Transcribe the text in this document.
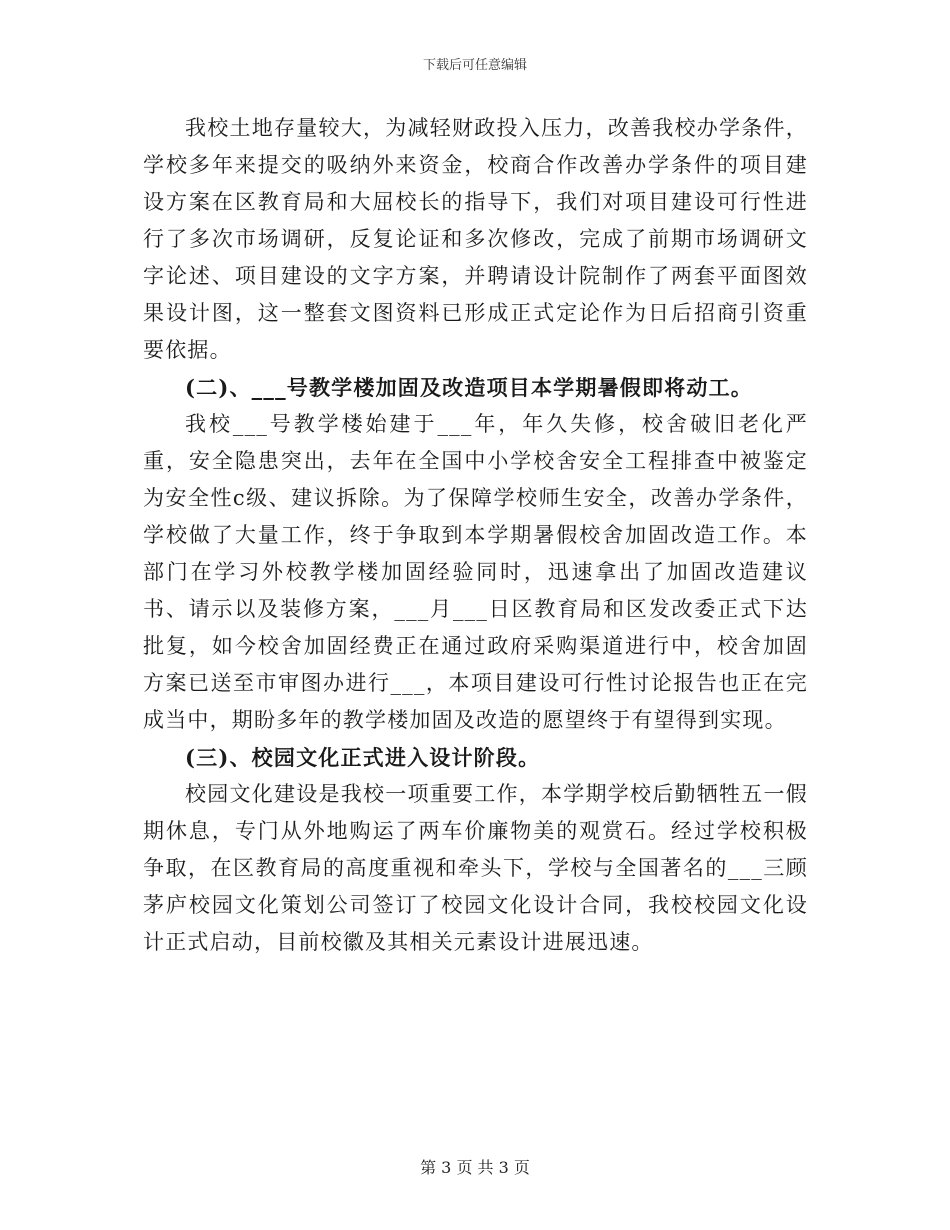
下载后可任意编辑

我校土地存量较大，为减轻财政投入压力，改善我校办学条件，学校多年来提交的吸纳外来资金，校商合作改善办学条件的项目建设方案在区教育局和大屈校长的指导下，我们对项目建设可行性进行了多次市场调研，反复论证和多次修改，完成了前期市场调研文字论述、项目建设的文字方案，并聘请设计院制作了两套平面图效果设计图，这一整套文图资料已形成正式定论作为日后招商引资重要依据。

(二)、___号教学楼加固及改造项目本学期暑假即将动工。

我校___号教学楼始建于___年，年久失修，校舍破旧老化严重，安全隐患突出，去年在全国中小学校舍安全工程排查中被鉴定为安全性c级、建议拆除。为了保障学校师生安全，改善办学条件，学校做了大量工作，终于争取到本学期暑假校舍加固改造工作。本部门在学习外校教学楼加固经验同时，迅速拿出了加固改造建议书、请示以及装修方案，___月___日区教育局和区发改委正式下达批复，如今校舍加固经费正在通过政府采购渠道进行中，校舍加固方案已送至市审图办进行___，本项目建设可行性讨论报告也正在完成当中，期盼多年的教学楼加固及改造的愿望终于有望得到实现。

(三)、校园文化正式进入设计阶段。

校园文化建设是我校一项重要工作，本学期学校后勤牺牲五一假期休息，专门从外地购运了两车价廉物美的观赏石。经过学校积极争取，在区教育局的高度重视和牵头下，学校与全国著名的___三顾茅庐校园文化策划公司签订了校园文化设计合同，我校校园文化设计正式启动，目前校徽及其相关元素设计进展迅速。

第 3 页 共 3 页
